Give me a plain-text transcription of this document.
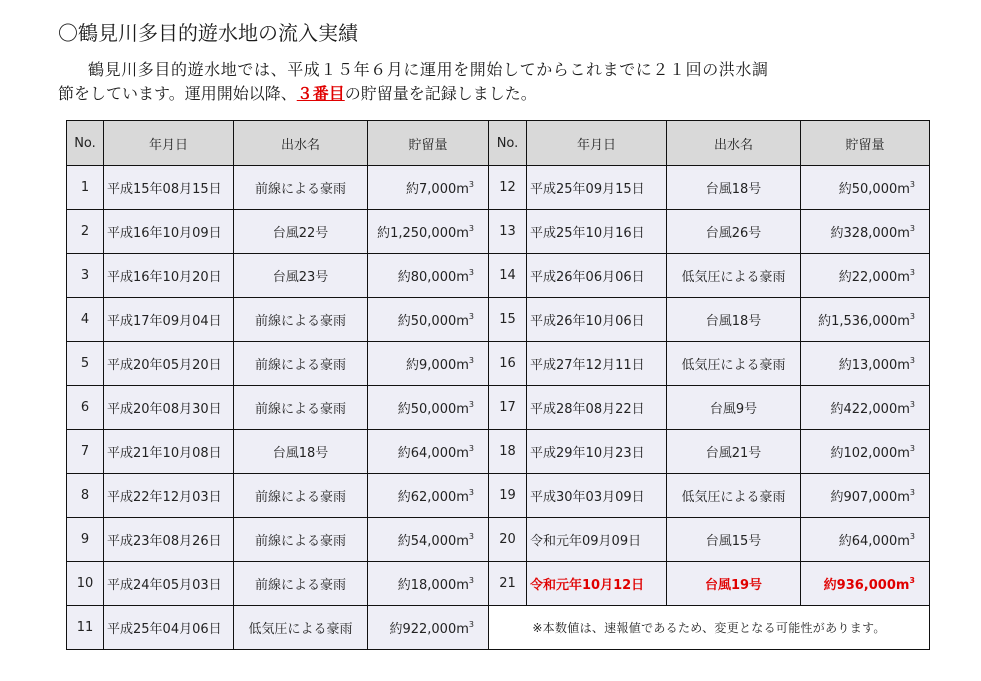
〇鶴見川多目的遊水地の流入実績
鶴見川多目的遊水地では、平成１５年６月に運用を開始してからこれまでに２１回の洪水調
節をしています。運用開始以降、３番目の貯留量を記録しました。
No.	年月日	出水名	貯留量	No.	年月日	出水名	貯留量
1	平成15年08月15日	前線による豪雨	約$7,000m^3$	12	平成25年09月15日	台風18号	約$50,000m^3$
2	平成16年10月09日	台風22号	約$1,250,000m^3$	13	平成25年10月16日	台風26号	約$328,000m^3$
3	平成16年10月20日	台風23号	約$80,000m^3$	14	平成26年06月06日	低気圧による豪雨	約$22,000m^3$
4	平成17年09月04日	前線による豪雨	約$50,000m^3$	15	平成26年10月06日	台風18号	約$1,536,000m^3$
5	平成20年05月20日	前線による豪雨	約$9,000m^3$	16	平成27年12月11日	低気圧による豪雨	約$13,000m^3$
6	平成20年08月30日	前線による豪雨	約$50,000m^3$	17	平成28年08月22日	台風9号	約$422,000m^3$
7	平成21年10月08日	台風18号	約$64,000m^3$	18	平成29年10月23日	台風21号	約$102,000m^3$
8	平成22年12月03日	前線による豪雨	約$62,000m^3$	19	平成30年03月09日	低気圧による豪雨	約$907,000m^3$
9	平成23年08月26日	前線による豪雨	約$54,000m^3$	20	令和元年09月09日	台風15号	約$64,000m^3$
10	平成24年05月03日	前線による豪雨	約$18,000m^3$	21	令和元年10月12日	台風19号	約$936,000m^3$
11	平成25年04月06日	低気圧による豪雨	約$922,000m^3$	※本数値は、速報値であるため、変更となる可能性があります。			
